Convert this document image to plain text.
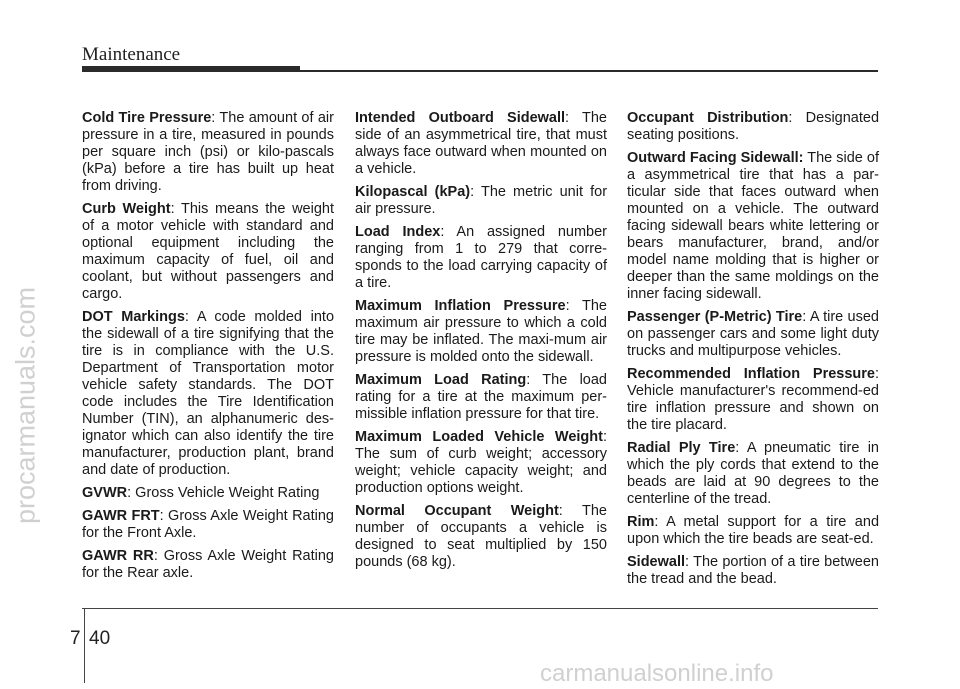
Maintenance
procarmanuals.com

Cold Tire Pressure: The amount of air pressure in a tire, measured in pounds per square inch (psi) or kilo-pascals (kPa) before a tire has built up heat from driving.

Curb Weight: This means the weight of a motor vehicle with standard and optional equipment including the maximum capacity of fuel, oil and coolant, but without passengers and cargo.

DOT Markings: A code molded into the sidewall of a tire signifying that the tire is in compliance with the U.S. Department of Transportation motor vehicle safety standards. The DOT code includes the Tire Identification Number (TIN), an alphanumeric des-ignator which can also identify the tire manufacturer, production plant, brand and date of production.

GVWR: Gross Vehicle Weight Rating

GAWR FRT: Gross Axle Weight Rating for the Front Axle.

GAWR RR: Gross Axle Weight Rating for the Rear axle.

Intended Outboard Sidewall: The side of an asymmetrical tire, that must always face outward when mounted on a vehicle.

Kilopascal (kPa): The metric unit for air pressure.

Load Index: An assigned number ranging from 1 to 279 that corre-sponds to the load carrying capacity of a tire.

Maximum Inflation Pressure: The maximum air pressure to which a cold tire may be inflated. The maxi-mum air pressure is molded onto the sidewall.

Maximum Load Rating: The load rating for a tire at the maximum per-missible inflation pressure for that tire.

Maximum Loaded Vehicle Weight: The sum of curb weight; accessory weight; vehicle capacity weight; and production options weight.

Normal Occupant Weight: The number of occupants a vehicle is designed to seat multiplied by 150 pounds (68 kg).

Occupant Distribution: Designated seating positions.

Outward Facing Sidewall: The side of a asymmetrical tire that has a par-ticular side that faces outward when mounted on a vehicle. The outward facing sidewall bears white lettering or bears manufacturer, brand, and/or model name molding that is higher or deeper than the same moldings on the inner facing sidewall.

Passenger (P-Metric) Tire: A tire used on passenger cars and some light duty trucks and multipurpose vehicles.

Recommended Inflation Pressure: Vehicle manufacturer's recommend-ed tire inflation pressure and shown on the tire placard.

Radial Ply Tire: A pneumatic tire in which the ply cords that extend to the beads are laid at 90 degrees to the centerline of the tread.

Rim: A metal support for a tire and upon which the tire beads are seat-ed.

Sidewall: The portion of a tire between the tread and the bead.

7 40
carmanualsonline.info
